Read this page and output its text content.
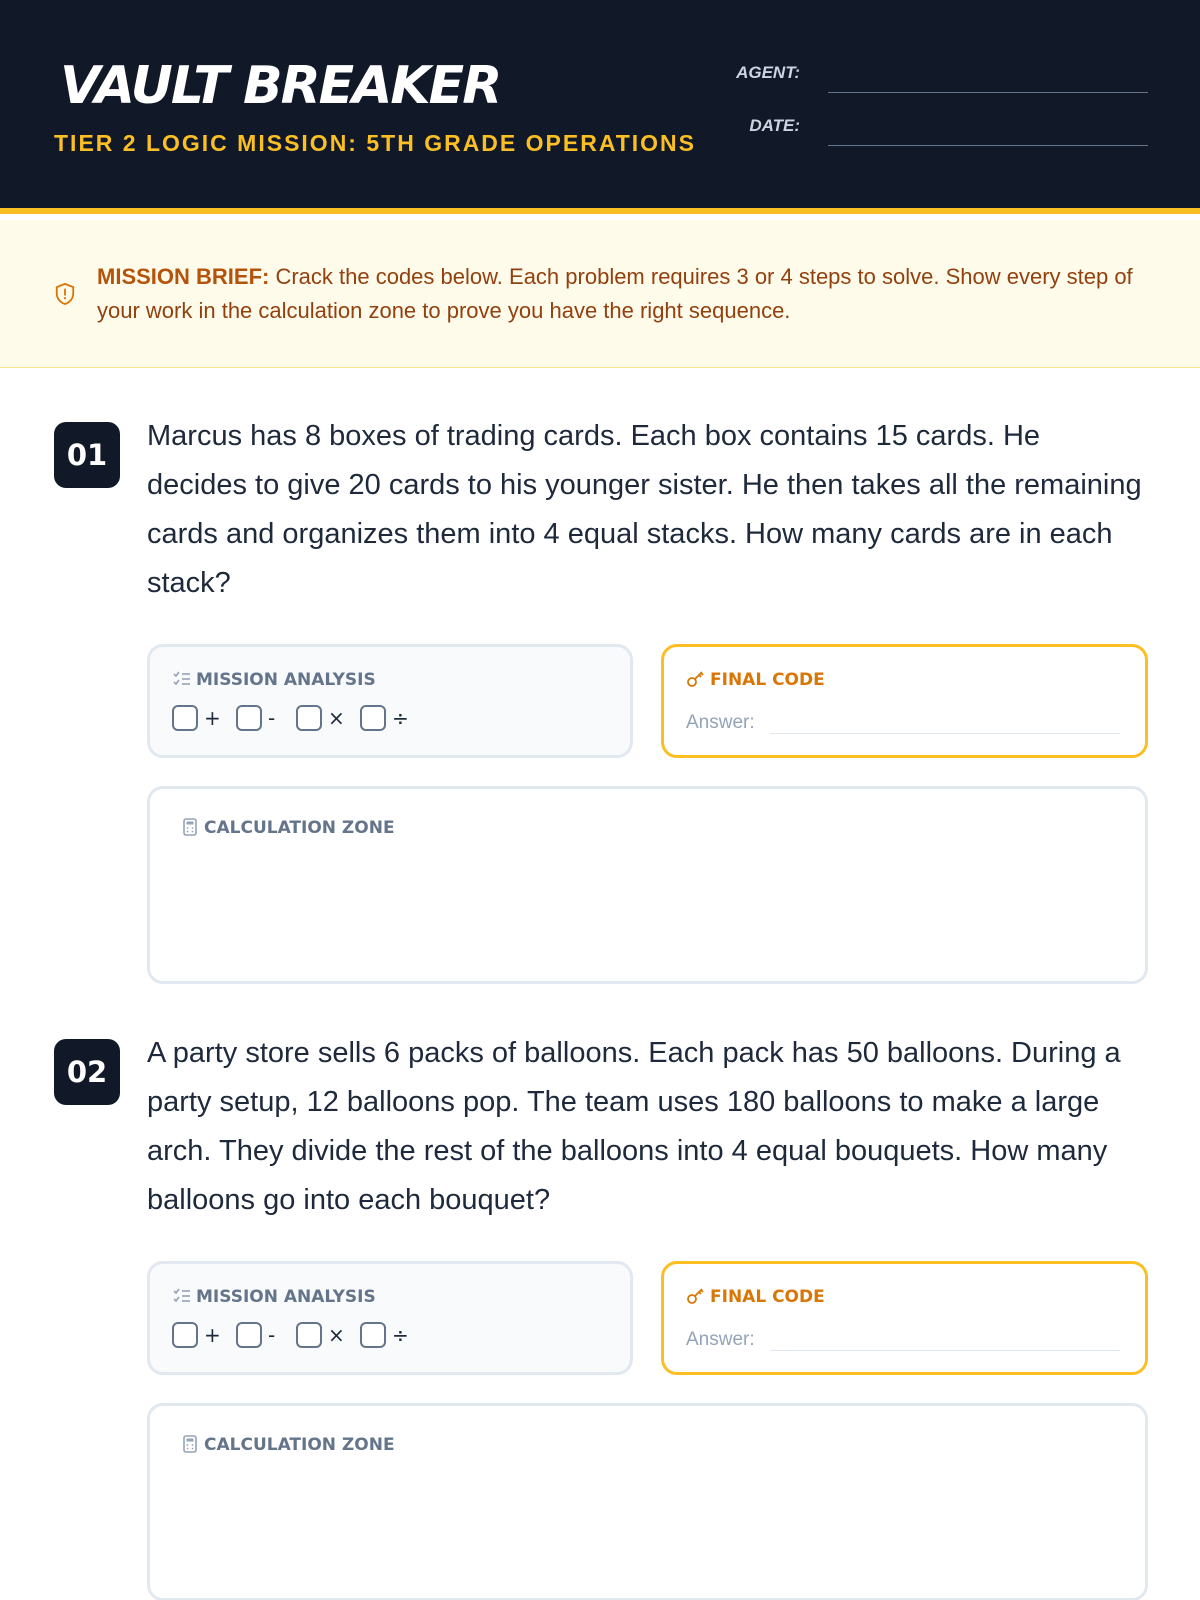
VAULT BREAKER
TIER 2 LOGIC MISSION: 5TH GRADE OPERATIONS
AGENT:
DATE:
MISSION BRIEF: Crack the codes below. Each problem requires 3 or 4 steps to solve. Show every step of your work in the calculation zone to prove you have the right sequence.
01
Marcus has 8 boxes of trading cards. Each box contains 15 cards. He decides to give 20 cards to his younger sister. He then takes all the remaining cards and organizes them into 4 equal stacks. How many cards are in each stack?
MISSION ANALYSIS
+ -	× ÷
FINAL CODE
Answer:
CALCULATION ZONE
02
A party store sells 6 packs of balloons. Each pack has 50 balloons. During a party setup, 12 balloons pop. The team uses 180 balloons to make a large arch. They divide the rest of the balloons into 4 equal bouquets. How many balloons go into each bouquet?
MISSION ANALYSIS
+ -	× ÷
FINAL CODE
Answer:
CALCULATION ZONE
